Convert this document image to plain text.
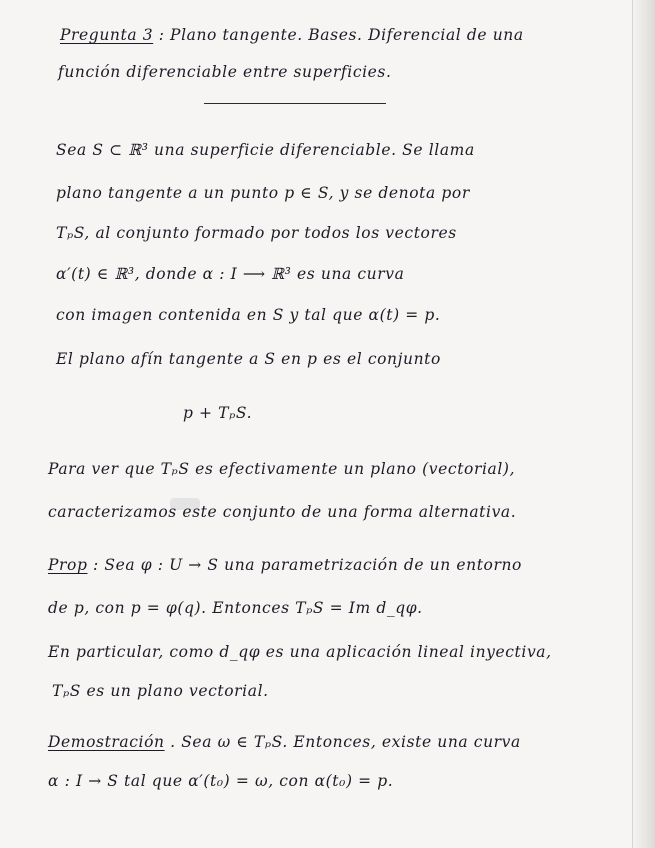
Pregunta 3 : Plano tangente. Bases. Diferencial de una
función diferenciable entre superficies.
Sea S ⊂ ℝ³ una superficie diferenciable. Se llama
plano tangente a un punto p ∈ S, y se denota por
TₚS, al conjunto formado por todos los vectores
α′(t) ∈ ℝ³, donde α : I ⟶ ℝ³ es una curva
con imagen contenida en S y tal que α(t) = p.
El plano afín tangente a S en p es el conjunto
p + TₚS.
Para ver que TₚS es efectivamente un plano (vectorial),
caracterizamos este conjunto de una forma alternativa.
Prop : Sea φ : U → S una parametrización de un entorno
de p, con p = φ(q). Entonces TₚS = Im d_qφ.
En particular, como d_qφ es una aplicación lineal inyectiva,
TₚS es un plano vectorial.
Demostración . Sea ω ∈ TₚS. Entonces, existe una curva
α : I → S tal que α′(t₀) = ω, con α(t₀) = p.
